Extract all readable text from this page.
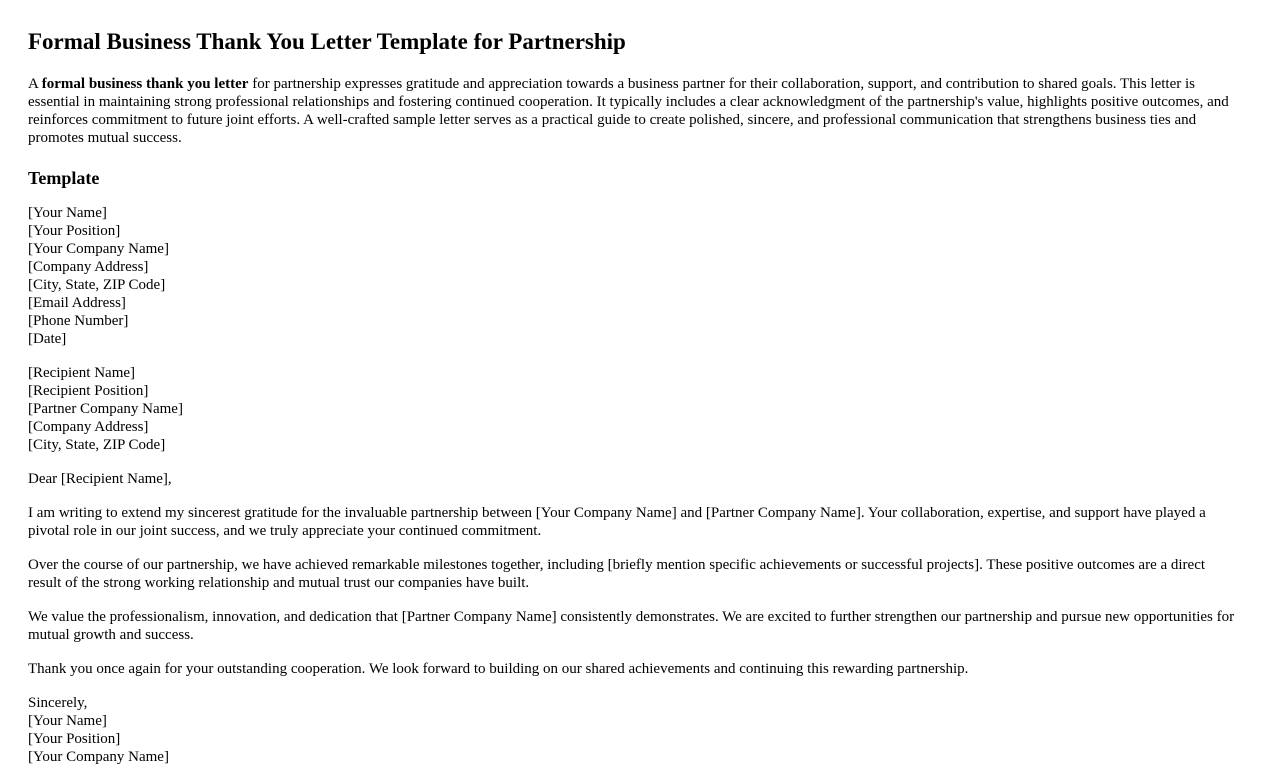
Formal Business Thank You Letter Template for Partnership

A formal business thank you letter for partnership expresses gratitude and appreciation towards a business partner for their collaboration, support, and contribution to shared goals. This letter is essential in maintaining strong professional relationships and fostering continued cooperation. It typically includes a clear acknowledgment of the partnership's value, highlights positive outcomes, and reinforces commitment to future joint efforts. A well-crafted sample letter serves as a practical guide to create polished, sincere, and professional communication that strengthens business ties and promotes mutual success.

Template
[Your Name]
[Your Position]
[Your Company Name]
[Company Address]
[City, State, ZIP Code]
[Email Address]
[Phone Number]
[Date]
[Recipient Name]
[Recipient Position]
[Partner Company Name]
[Company Address]
[City, State, ZIP Code]

Dear [Recipient Name],

I am writing to extend my sincerest gratitude for the invaluable partnership between [Your Company Name] and [Partner Company Name]. Your collaboration, expertise, and support have played a pivotal role in our joint success, and we truly appreciate your continued commitment.

Over the course of our partnership, we have achieved remarkable milestones together, including [briefly mention specific achievements or successful projects]. These positive outcomes are a direct result of the strong working relationship and mutual trust our companies have built.

We value the professionalism, innovation, and dedication that [Partner Company Name] consistently demonstrates. We are excited to further strengthen our partnership and pursue new opportunities for mutual growth and success.

Thank you once again for your outstanding cooperation. We look forward to building on our shared achievements and continuing this rewarding partnership.

Sincerely,
[Your Name]
[Your Position]
[Your Company Name]
